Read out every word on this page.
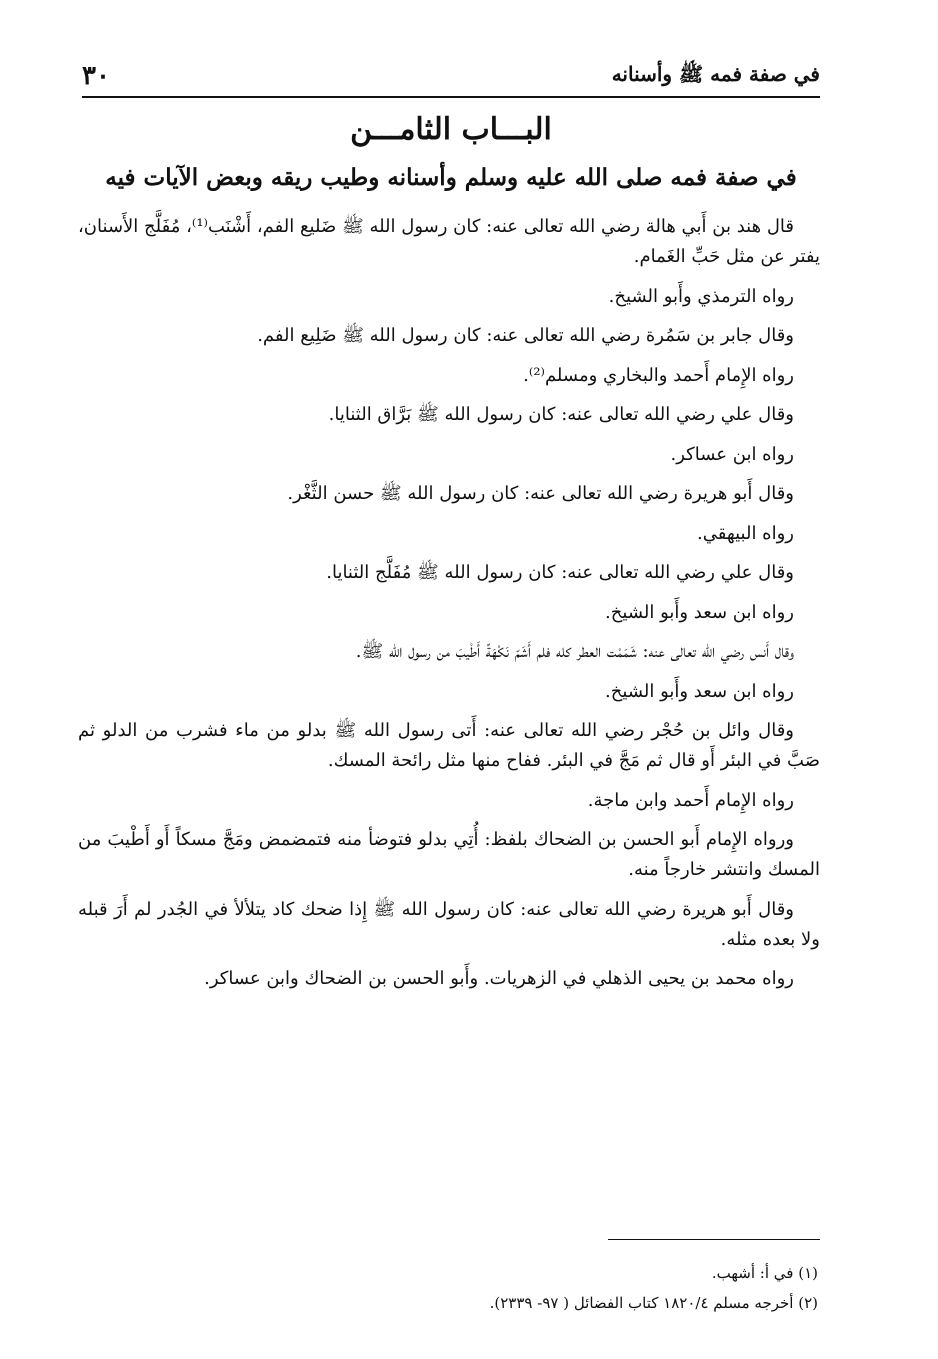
في صفة فمه ﷺ وأسنانه
٣٠
البـــاب الثامـــن
في صفة فمه صلى الله عليه وسلم وأسنانه وطيب ريقه وبعض الآيات فيه

قال هند بن أَبي هالة رضي الله تعالى عنه: كان رسول الله ﷺ ضَليع الفم، أَشْنَب⁽¹⁾، مُفَلَّج الأَسنان، يفتر عن مثل حَبِّ الغَمام.

رواه الترمذي وأَبو الشيخ.

وقال جابر بن سَمُرة رضي الله تعالى عنه: كان رسول الله ﷺ ضَلِيع الفم.

رواه الإِمام أَحمد والبخاري ومسلم⁽²⁾.

وقال علي رضي الله تعالى عنه: كان رسول الله ﷺ بَرَّاق الثنايا.

رواه ابن عساكر.

وقال أَبو هريرة رضي الله تعالى عنه: كان رسول الله ﷺ حسن الثَّغْر.

رواه البيهقي.

وقال علي رضي الله تعالى عنه: كان رسول الله ﷺ مُفَلَّج الثنايا.

رواه ابن سعد وأَبو الشيخ.

وقال أَنس رضي الله تعالى عنه: شَمَمْت العطر كله فلم أَشَمّ نَكْهَةً أَطْيبَ من رسول الله ﷺ.

رواه ابن سعد وأَبو الشيخ.

وقال وائل بن حُجْر رضي الله تعالى عنه: أَتى رسول الله ﷺ بدلو من ماء فشرب من الدلو ثم صَبَّ في البئر أَو قال ثم مَجَّ في البئر. ففاح منها مثل رائحة المسك.

رواه الإِمام أَحمد وابن ماجة.

ورواه الإِمام أَبو الحسن بن الضحاك بلفظ: أُتِي بدلو فتوضأ منه فتمضمض ومَجَّ مسكاً أَو أَطْيبَ من المسك وانتشر خارجاً منه.

وقال أَبو هريرة رضي الله تعالى عنه: كان رسول الله ﷺ إِذا ضحك كاد يتلألأ في الجُدر لم أَرَ قبله ولا بعده مثله.

رواه محمد بن يحيى الذهلي في الزهريات. وأَبو الحسن بن الضحاك وابن عساكر.

(١) في أ: أشهب.
(٢) أخرجه مسلم ١٨٢٠/٤ كتاب الفضائل ( ٩٧- ٢٣٣٩).
